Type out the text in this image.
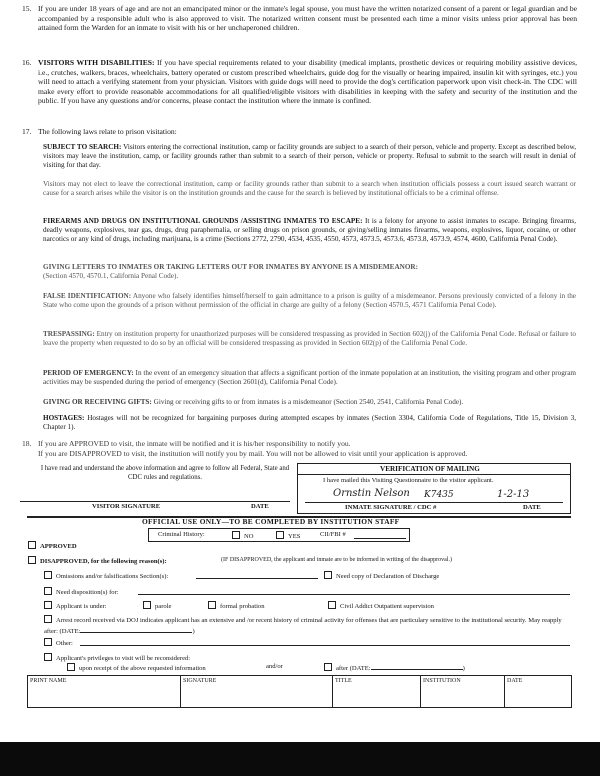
15. If you are under 18 years of age and are not an emancipated minor or the inmate's legal spouse, you must have the written notarized consent of a parent or legal guardian and be accompanied by a responsible adult who is also approved to visit. The notarized written consent must be presented each time a minor visits unless prior approval has been attained form the Warden for an inmate to visit with his or her unchaperoned children.
16. VISITORS WITH DISABILITIES: If you have special requirements related to your disability (medical implants, prosthetic devices or requiring mobility assistive devices, i.e., crutches, walkers, braces, wheelchairs, battery operated or custom prescribed wheelchairs, guide dog for the visually or hearing impaired, insulin kit with syringes, etc.) you will need to attach a verifying statement from your physician. Visitors with guide dogs will need to provide the dog's certification paperwork upon visit check-in. The CDC will make every effort to provide reasonable accommodations for all qualified/eligible visitors with disabilities in keeping with the safety and security of the institution and the public. If you have any questions and/or concerns, please contact the institution where the inmate is confined.
17. The following laws relate to prison visitation:
SUBJECT TO SEARCH: Visitors entering the correctional institution, camp or facility grounds are subject to a search of their person, vehicle and property. Except as described below, visitors may leave the institution, camp, or facility grounds rather than submit to a search of their person, vehicle or property. Refusal to submit to the search will result in denial of visiting for that day.
Visitors may not elect to leave the correctional institution, camp or facility grounds rather than submit to a search when institution officials possess a court issued search warrant or cause for a search arises while the visitor is on the institution grounds and the cause for the search is believed by institutional officials to be a criminal offense.
FIREARMS AND DRUGS ON INSTITUTIONAL GROUNDS /ASSISTING INMATES TO ESCAPE: It is a felony for anyone to assist inmates to escape. Bringing firearms, deadly weapons, explosives, tear gas, drugs, drug paraphernalia, or selling drugs on prison grounds, or giving/selling inmates firearms, weapons, explosives, liquor, cocaine, or other narcotics or any kind of drugs, including marijuana, is a crime (Sections 2772, 2790, 4534, 4535, 4550, 4573, 4573.5, 4573.6, 4573.8, 4573.9, 4574, 4600, California Penal Code).
GIVING LETTERS TO INMATES OR TAKING LETTERS OUT FOR INMATES BY ANYONE IS A MISDEMEANOR:
(Section 4570, 4570.1, California Penal Code).
FALSE IDENTIFICATION: Anyone who falsely identifies himself/herself to gain admittance to a prison is guilty of a misdemeanor. Persons previously convicted of a felony in the State who come upon the grounds of a prison without permission of the official in charge are guilty of a felony (Section 4570.5, 4571 California Penal Code).
TRESPASSING: Entry on institution property for unauthorized purposes will be considered trespassing as provided in Section 602(j) of the California Penal Code. Refusal or failure to leave the property when requested to do so by an official will be considered trespassing as provided in Section 602(p) of the California Penal Code.
PERIOD OF EMERGENCY: In the event of an emergency situation that affects a significant portion of the inmate population at an institution, the visiting program and other program activities may be suspended during the period of emergency (Section 2601(d), California Penal Code).
GIVING OR RECEIVING GIFTS: Giving or receiving gifts to or from inmates is a misdemeanor (Section 2540, 2541, California Penal Code).
HOSTAGES: Hostages will not be recognized for bargaining purposes during attempted escapes by inmates (Section 3304, California Code of Regulations, Title 15, Division 3, Chapter 1).
18. If you are APPROVED to visit, the inmate will be notified and it is his/her responsibility to notify you.
If you are DISAPPROVED to visit, the institution will notify you by mail. You will not be allowed to visit until your application is approved.
I have read and understand the above information and agree to follow all Federal, State and CDC rules and regulations.
VISITOR SIGNATURE	DATE
VERIFICATION OF MAILING
I have mailed this Visiting Questionnaire to the visitor applicant.
Ornstin Nelson K7435	1-2-13
INMATE SIGNATURE / CDC #	DATE
OFFICIAL USE ONLY—TO BE COMPLETED BY INSTITUTION STAFF
Criminal History:	NO	YES	CII/FBI #
APPROVED
DISAPPROVED, for the following reason(s):	(IF DISAPPROVED, the applicant and inmate are to be informed in writing of the disapproval.)
Omissions and/or falsifications Section(s):	Need copy of Declaration of Discharge
Need disposition(s) for:
Applicant is under:	parole	formal probation	Civil Addict Outpatient supervision
Arrest record received via DOJ indicates applicant has an extensive and /or recent history of criminal activity for offenses that are particulary sensitive to the institutional security. May reapply after: (DATE:	)
Other:
Applicant's privileges to visit will be reconsidered:
upon receipt of the above requested information	and/or	after (DATE:	)
PRINT NAME	SIGNATURE	TITLE	INSTITUTION	DATE
